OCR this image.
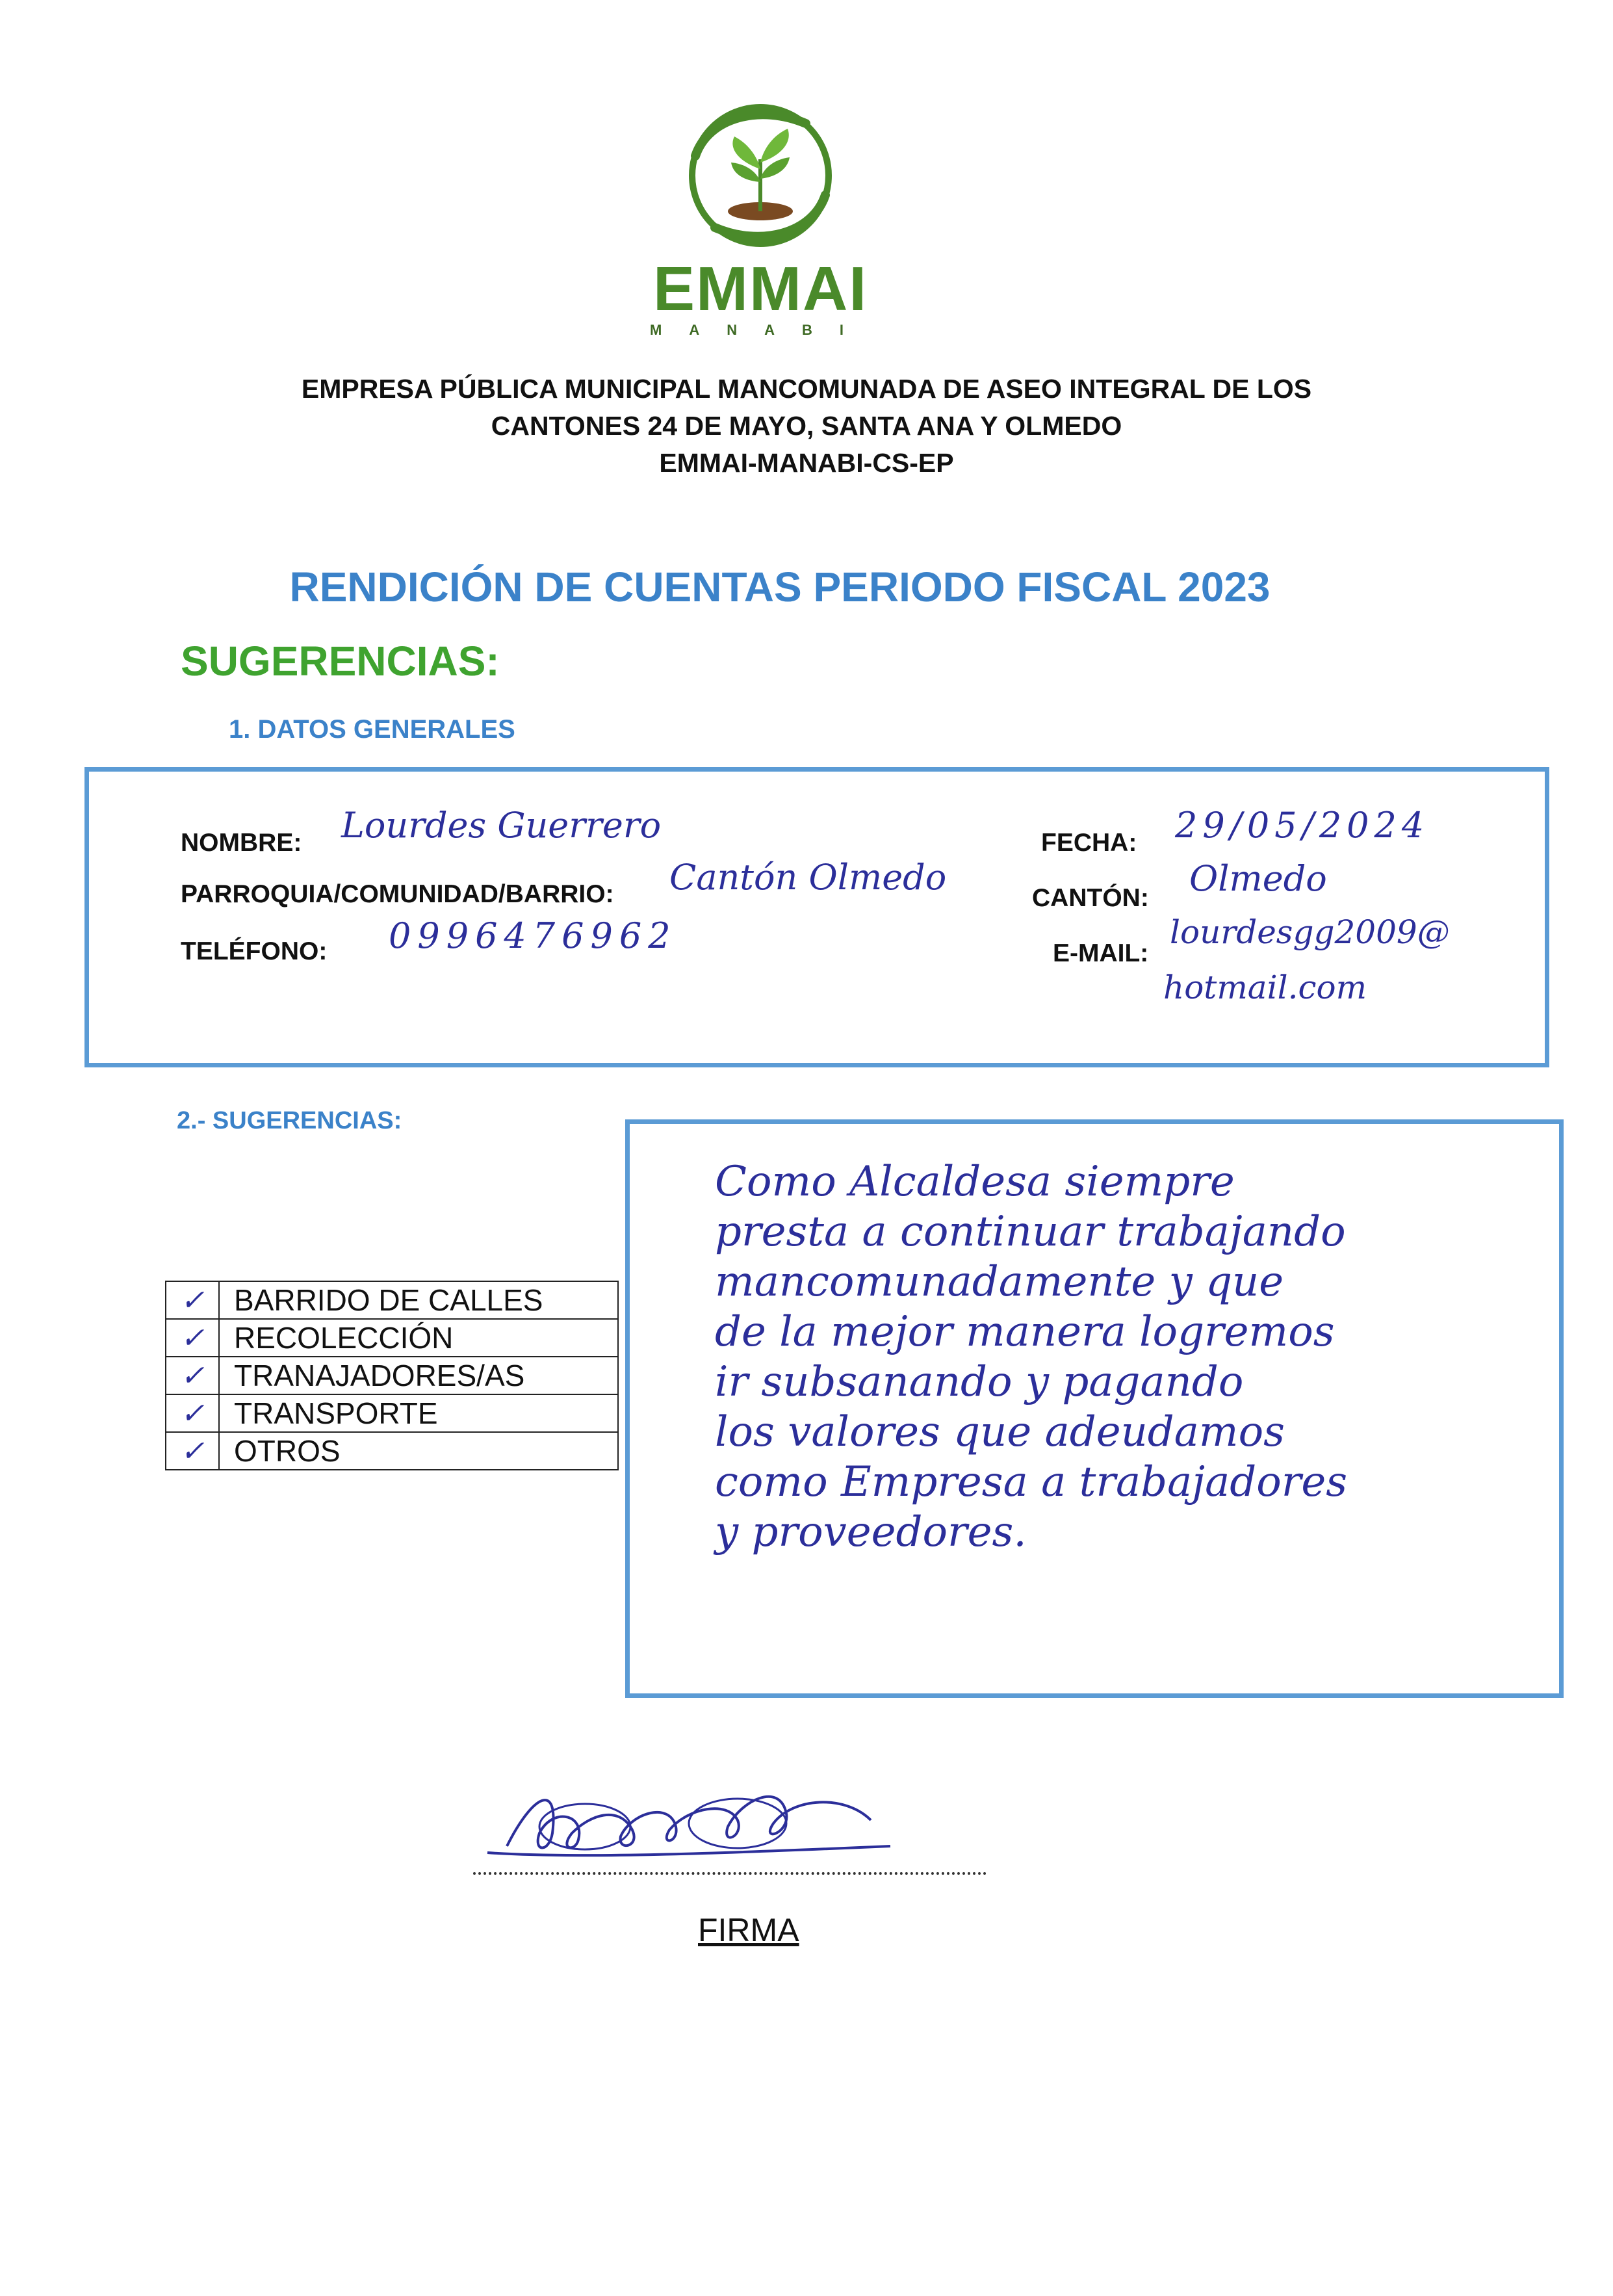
EMMAI
MANABI
EMPRESA PÚBLICA MUNICIPAL MANCOMUNADA DE ASEO INTEGRAL DE LOS
CANTONES 24 DE MAYO, SANTA ANA Y OLMEDO
EMMAI-MANABI-CS-EP
RENDICIÓN DE CUENTAS PERIODO FISCAL 2023
SUGERENCIAS:
1. DATOS GENERALES
NOMBRE: Lourdes Guerrero
PARROQUIA/COMUNIDAD/BARRIO: Cantón Olmedo
TELÉFONO: 0996476962
FECHA: 29/05/2024
CANTÓN: Olmedo
E-MAIL:
lourdesgg2009@
hotmail.com
2.- SUGERENCIAS:
✓	BARRIDO DE CALLES
✓	RECOLECCIÓN
✓	TRANAJADORES/AS
✓	TRANSPORTE
✓	OTROS
Como Alcaldesa siempre
presta a continuar trabajando
mancomunadamente y que
de la mejor manera logremos
ir subsanando y pagando
los valores que adeudamos
como Empresa a trabajadores
y proveedores.
FIRMA
